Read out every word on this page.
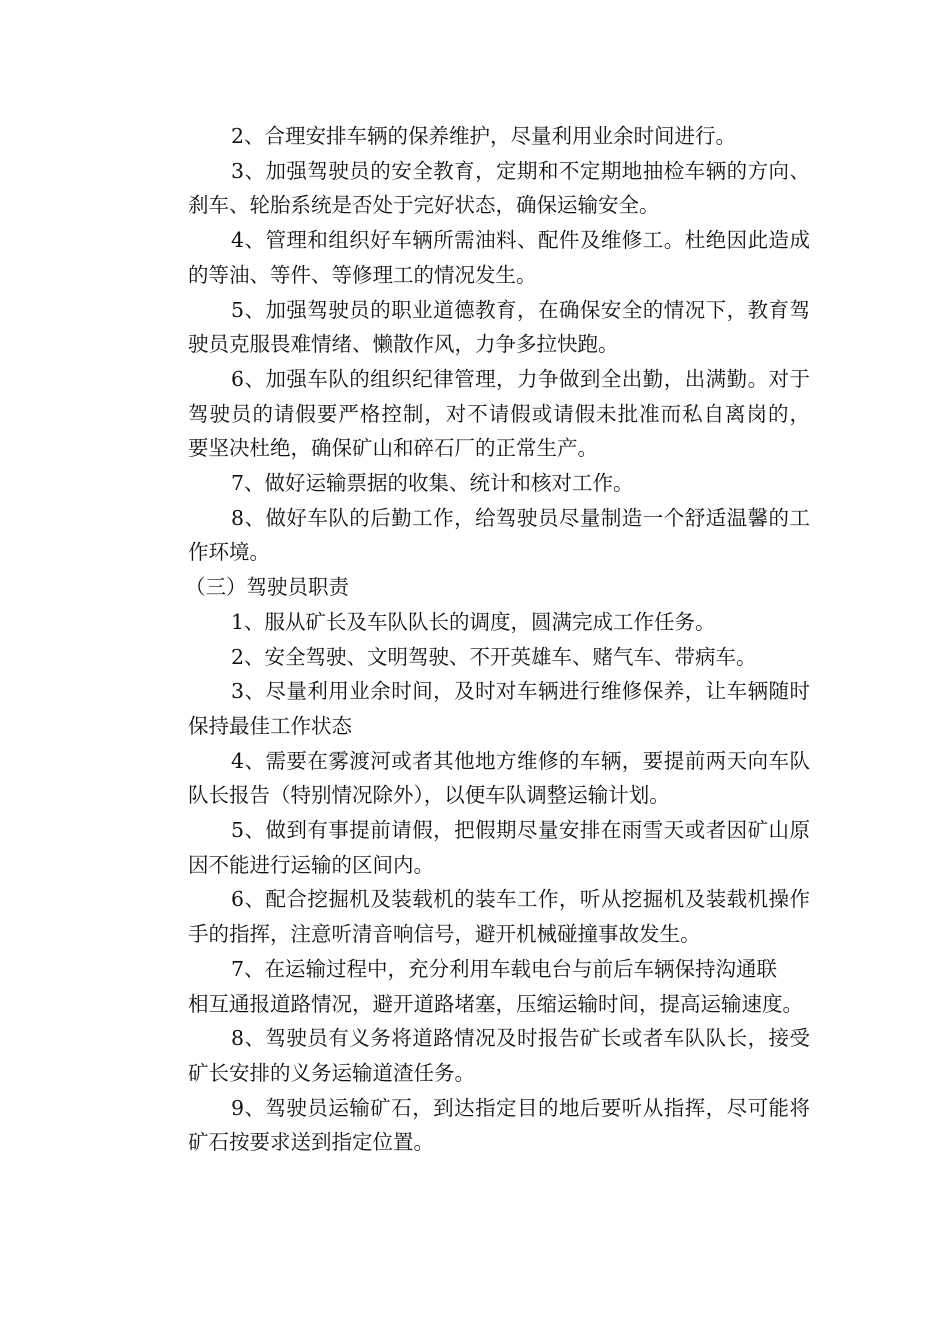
2、合理安排车辆的保养维护，尽量利用业余时间进行。
3、加强驾驶员的安全教育，定期和不定期地抽检车辆的方向、
刹车、轮胎系统是否处于完好状态，确保运输安全。
4、管理和组织好车辆所需油料、配件及维修工。杜绝因此造成
的等油、等件、等修理工的情况发生。
5、加强驾驶员的职业道德教育，在确保安全的情况下，教育驾
驶员克服畏难情绪、懒散作风，力争多拉快跑。
6、加强车队的组织纪律管理，力争做到全出勤，出满勤。对于
驾驶员的请假要严格控制，对不请假或请假未批准而私自离岗的，
要坚决杜绝，确保矿山和碎石厂的正常生产。
7、做好运输票据的收集、统计和核对工作。
8、做好车队的后勤工作，给驾驶员尽量制造一个舒适温馨的工
作环境。
（三）驾驶员职责
1、服从矿长及车队队长的调度，圆满完成工作任务。
2、安全驾驶、文明驾驶、不开英雄车、赌气车、带病车。
3、尽量利用业余时间，及时对车辆进行维修保养，让车辆随时
保持最佳工作状态
4、需要在雾渡河或者其他地方维修的车辆，要提前两天向车队
队长报告（特别情况除外），以便车队调整运输计划。
5、做到有事提前请假，把假期尽量安排在雨雪天或者因矿山原
因不能进行运输的区间内。
6、配合挖掘机及装载机的装车工作，听从挖掘机及装载机操作
手的指挥，注意听清音响信号，避开机械碰撞事故发生。
7、在运输过程中，充分利用车载电台与前后车辆保持沟通联
相互通报道路情况，避开道路堵塞，压缩运输时间，提高运输速度。
8、驾驶员有义务将道路情况及时报告矿长或者车队队长，接受
矿长安排的义务运输道渣任务。
9、驾驶员运输矿石，到达指定目的地后要听从指挥，尽可能将
矿石按要求送到指定位置。
